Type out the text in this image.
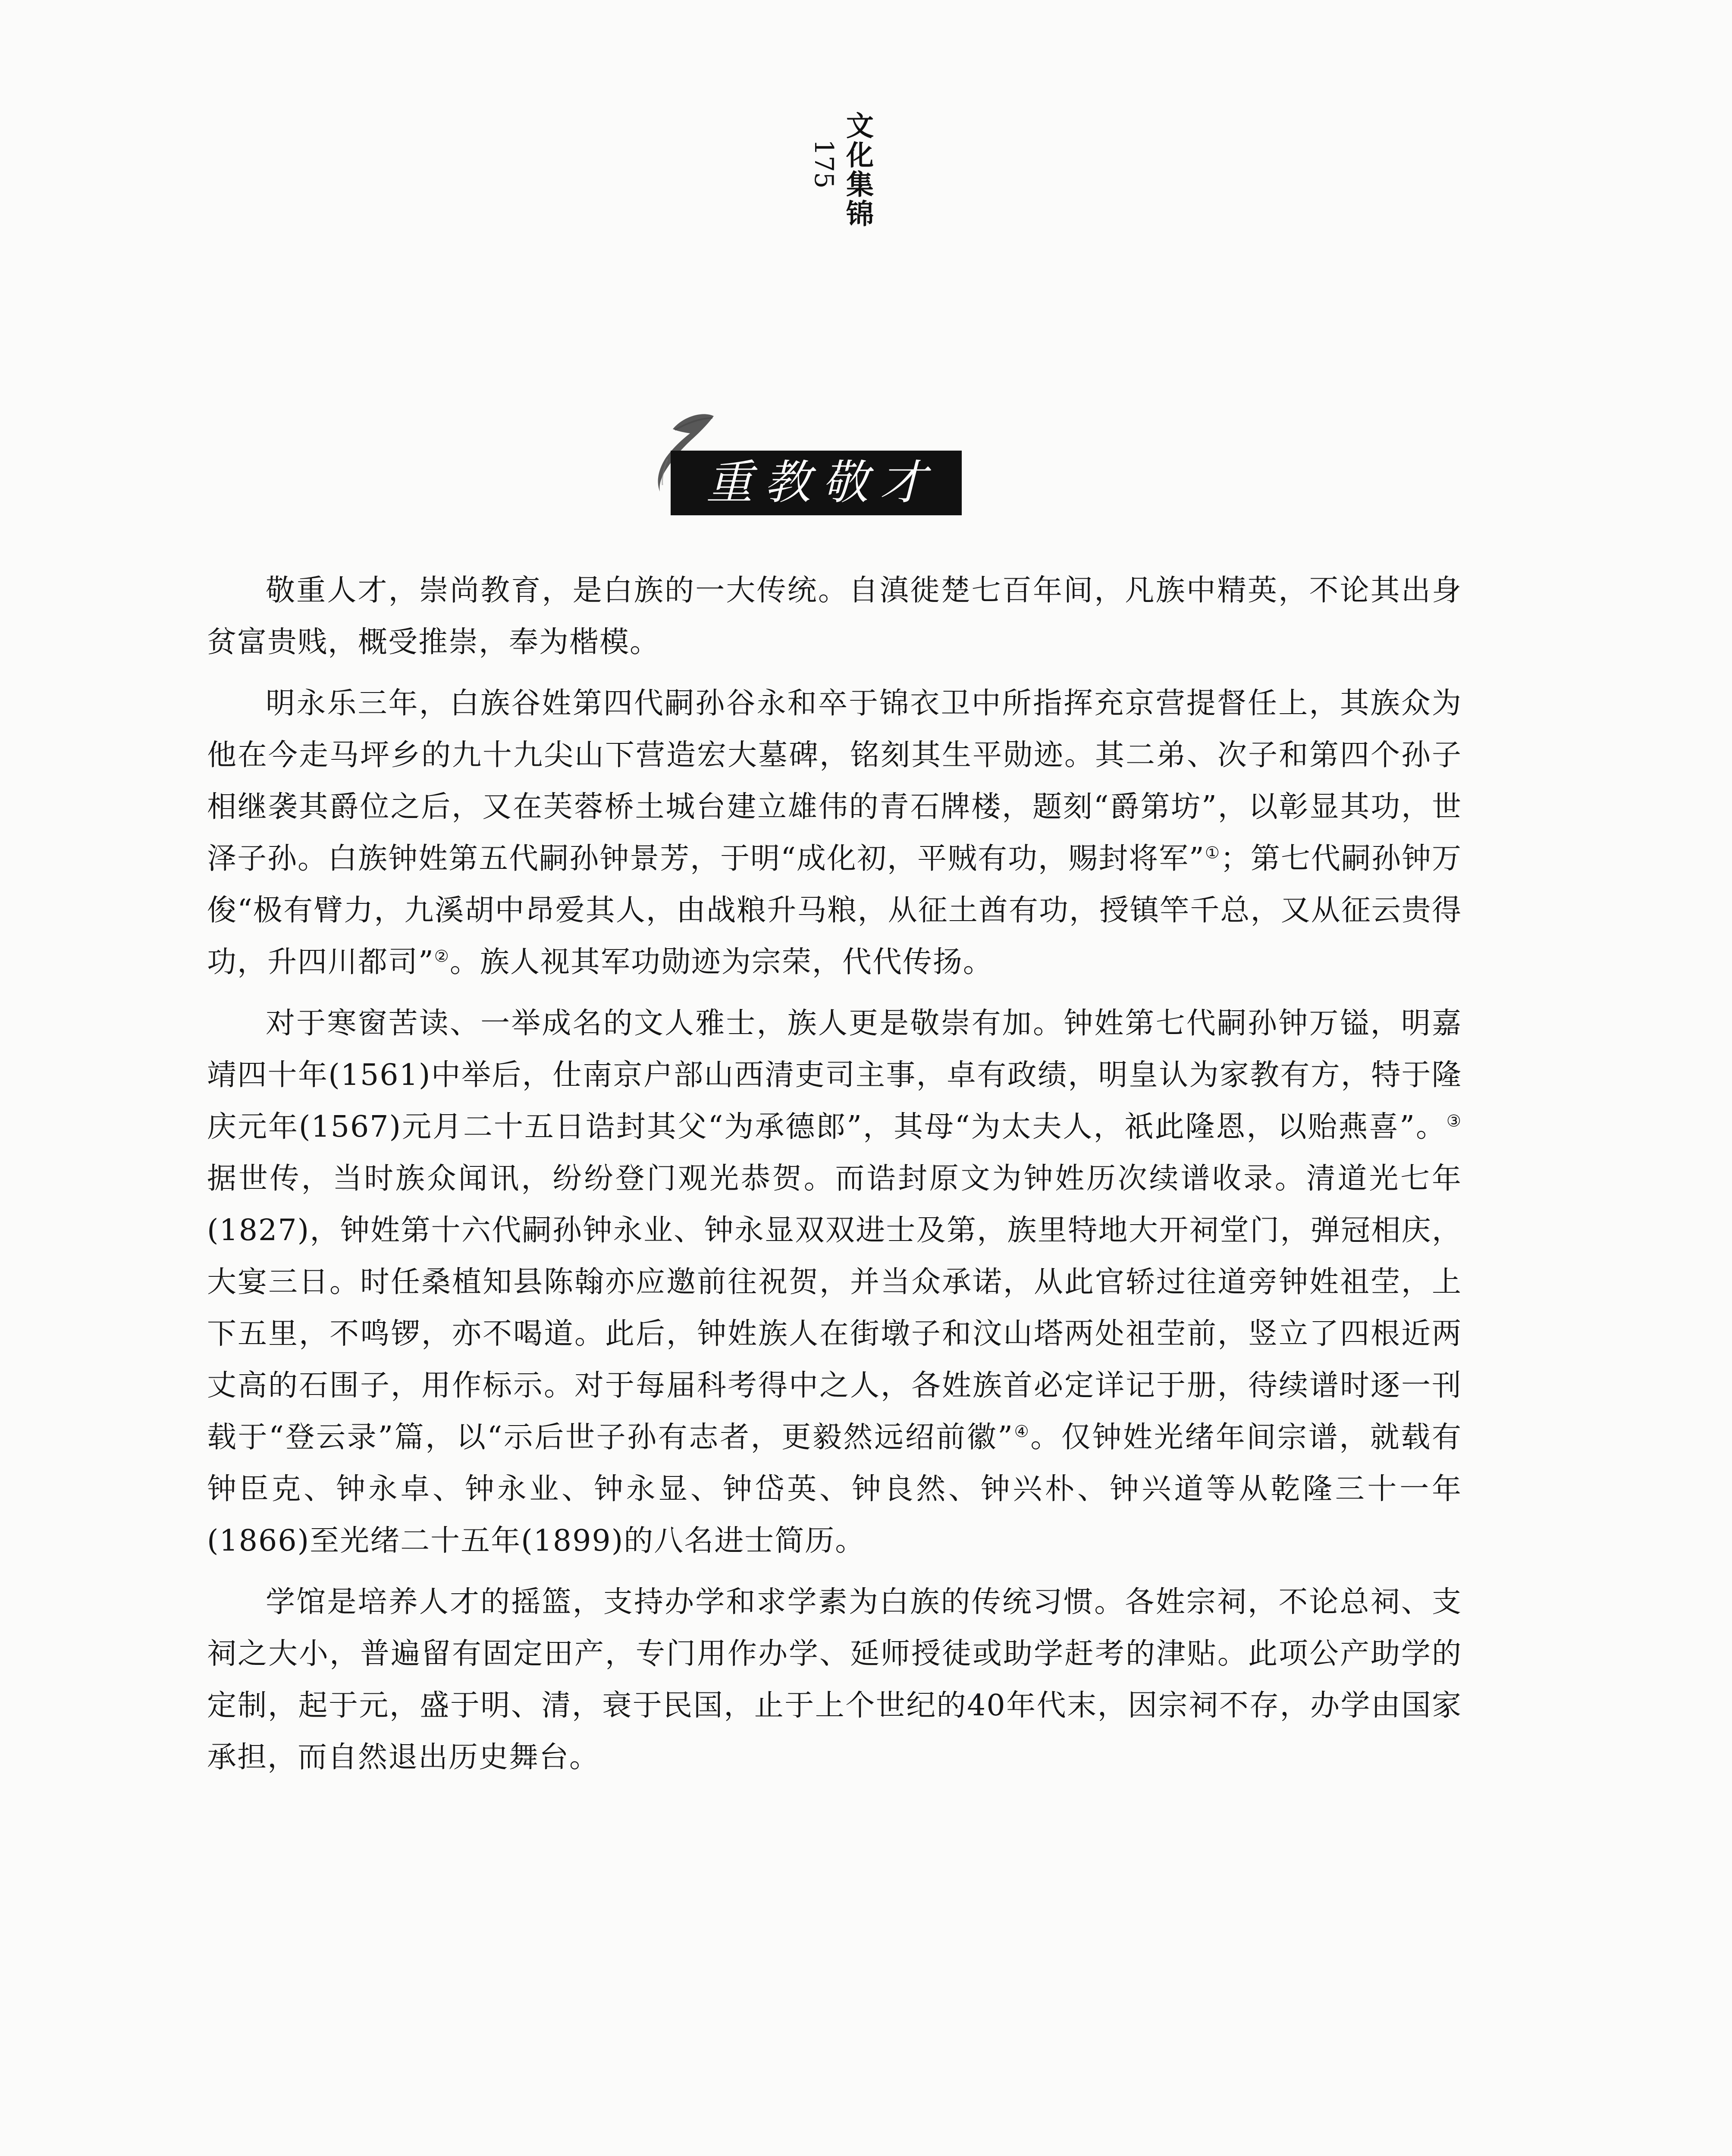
文化集锦
175
重教敬才

敬重人才，崇尚教育，是白族的一大传统。自滇徙楚七百年间，凡族中精英，不论其出身贫富贵贱，概受推崇，奉为楷模。

明永乐三年，白族谷姓第四代嗣孙谷永和卒于锦衣卫中所指挥充京营提督任上，其族众为他在今走马坪乡的九十九尖山下营造宏大墓碑，铭刻其生平勋迹。其二弟、次子和第四个孙子相继袭其爵位之后，又在芙蓉桥土城台建立雄伟的青石牌楼，题刻“爵第坊”，以彰显其功，世泽子孙。白族钟姓第五代嗣孙钟景芳，于明“成化初，平贼有功，赐封将军”①；第七代嗣孙钟万俊“极有臂力，九溪胡中昂爱其人，由战粮升马粮，从征土酋有功，授镇竿千总，又从征云贵得功，升四川都司”②。族人视其军功勋迹为宗荣，代代传扬。

对于寒窗苦读、一举成名的文人雅士，族人更是敬崇有加。钟姓第七代嗣孙钟万镒，明嘉靖四十年(1561)中举后，仕南京户部山西清吏司主事，卓有政绩，明皇认为家教有方，特于隆庆元年(1567)元月二十五日诰封其父“为承德郎”，其母“为太夫人，祇此隆恩，以贻燕喜”。③据世传，当时族众闻讯，纷纷登门观光恭贺。而诰封原文为钟姓历次续谱收录。清道光七年(1827)，钟姓第十六代嗣孙钟永业、钟永显双双进士及第，族里特地大开祠堂门，弹冠相庆，大宴三日。时任桑植知县陈翰亦应邀前往祝贺，并当众承诺，从此官轿过往道旁钟姓祖茔，上下五里，不鸣锣，亦不喝道。此后，钟姓族人在街墩子和汶山塔两处祖茔前，竖立了四根近两丈高的石围子，用作标示。对于每届科考得中之人，各姓族首必定详记于册，待续谱时逐一刊载于“登云录”篇，以“示后世子孙有志者，更毅然远绍前徽”④。仅钟姓光绪年间宗谱，就载有钟臣克、钟永卓、钟永业、钟永显、钟岱英、钟良然、钟兴朴、钟兴道等从乾隆三十一年(1866)至光绪二十五年(1899)的八名进士简历。

学馆是培养人才的摇篮，支持办学和求学素为白族的传统习惯。各姓宗祠，不论总祠、支祠之大小，普遍留有固定田产，专门用作办学、延师授徒或助学赶考的津贴。此项公产助学的定制，起于元，盛于明、清，衰于民国，止于上个世纪的40年代末，因宗祠不存，办学由国家承担，而自然退出历史舞台。
